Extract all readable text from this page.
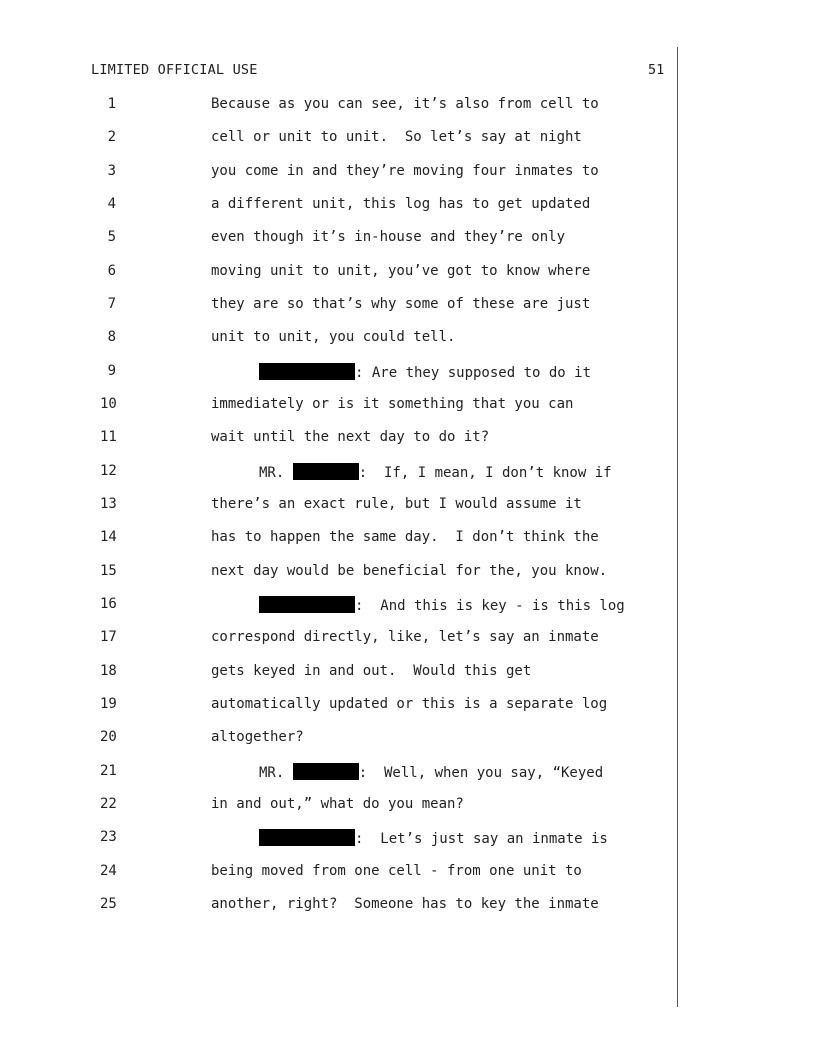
LIMITED OFFICIAL USE	51

1

	Because as you can see, it’s also from cell to

2

	cell or unit to unit.  So let’s say at night

3

	you come in and they’re moving four inmates to

4

	a different unit, this log has to get updated

5

	even though it’s in-house and they’re only

6

	moving unit to unit, you’ve got to know where

7

	they are so that’s why some of these are just

8

	unit to unit, you could tell.

9

	: Are they supposed to do it

10

	immediately or is it something that you can

11

	wait until the next day to do it?

12

	MR.	:  If, I mean, I don’t know if

13

	there’s an exact rule, but I would assume it

14

	has to happen the same day.  I don’t think the

15

	next day would be beneficial for the, you know.

16

	:  And this is key - is this log

17

	correspond directly, like, let’s say an inmate

18

	gets keyed in and out.  Would this get

19

	automatically updated or this is a separate log

20

	altogether?

21

	MR.	:  Well, when you say, “Keyed

22

	in and out,” what do you mean?

23

	:  Let’s just say an inmate is

24

	being moved from one cell - from one unit to

25

	another, right?  Someone has to key the inmate
